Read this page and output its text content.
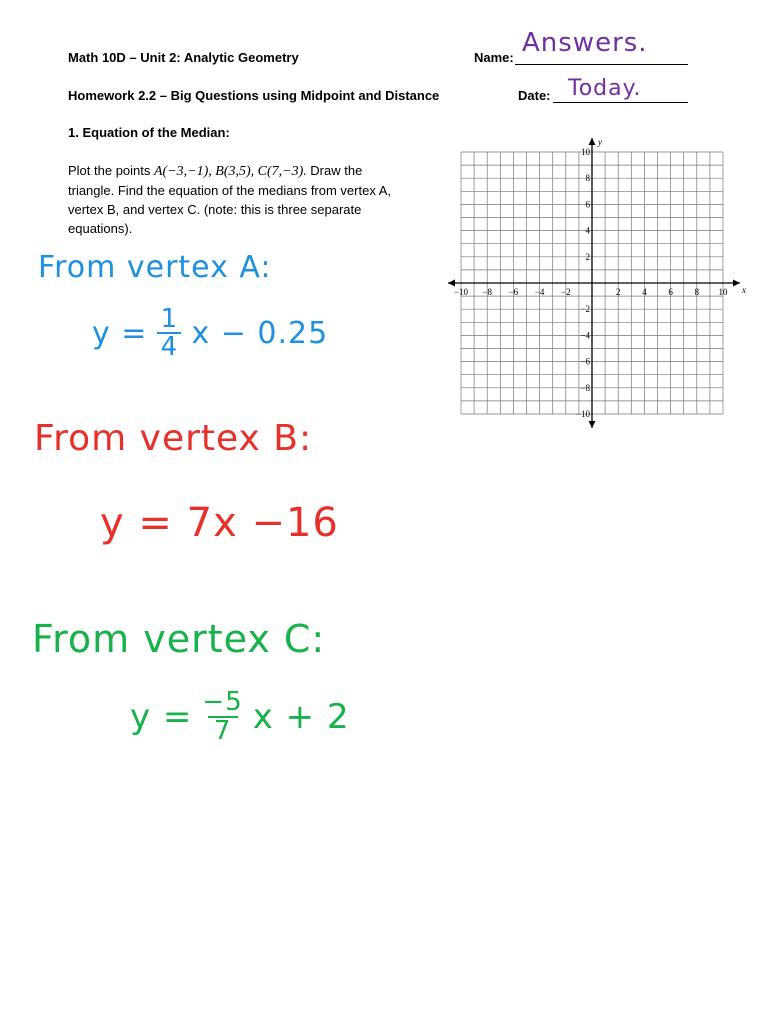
Math 10D – Unit 2: Analytic Geometry
Homework 2.2 – Big Questions using Midpoint and Distance
Name: Answers.
Date: Today.
1. Equation of the Median:
Plot the points A(−3,−1), B(3,5), C(7,−3). Draw the
triangle. Find the equation of the medians from vertex A,
vertex B, and vertex C. (note: this is three separate
equations).
−10 −8 −6 −4 −2	2 4 6 8 10
10
8
6
4
2
−2
−4
−6
−8
−10
x
y
From vertex A:
y = 1
4 x − 0.25
From vertex B:
y = 7x −16
From vertex C:
y = −5
7 x + 2
